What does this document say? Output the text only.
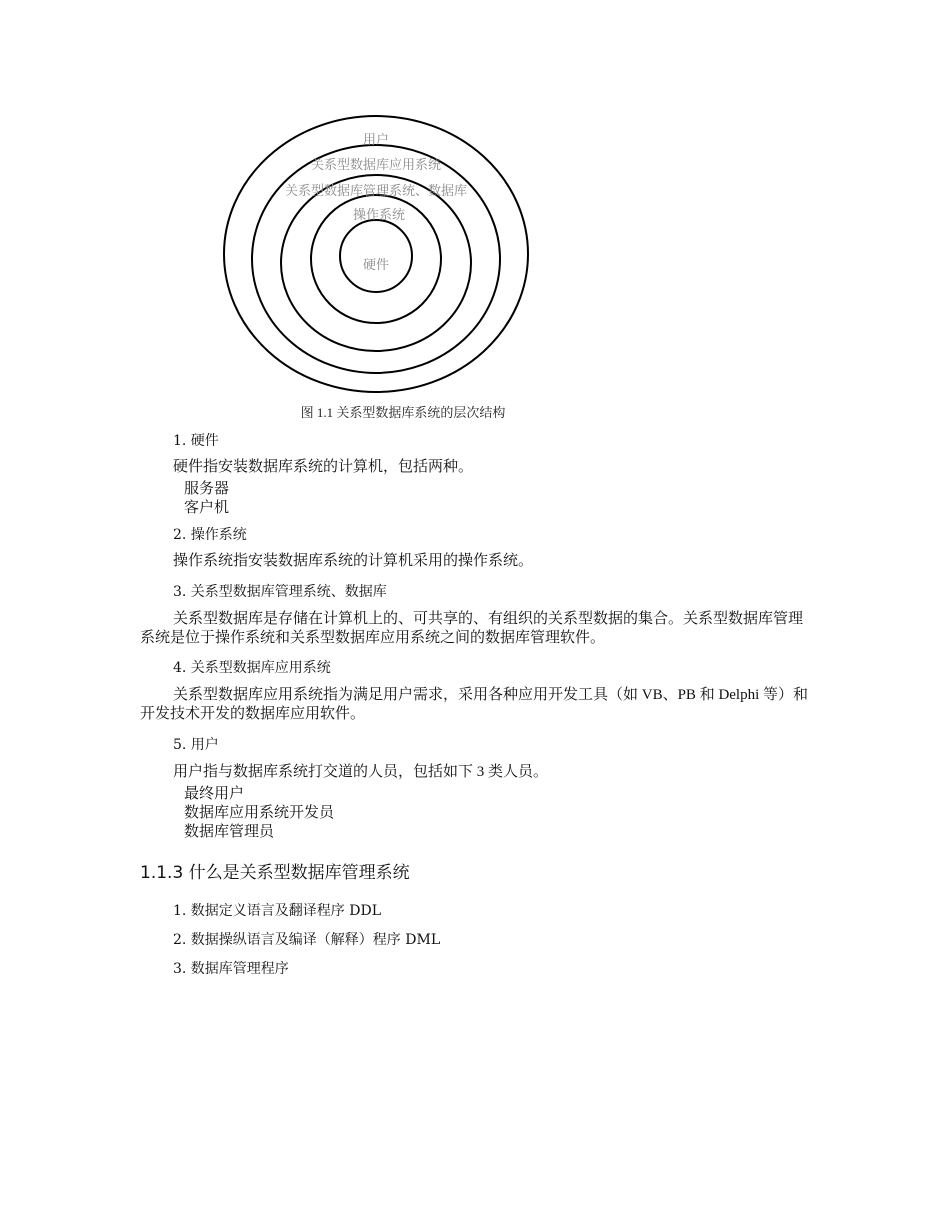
用户
关系型数据库应用系统
关系型数据库管理系统、数据库
操作系统
硬件
图 1.1 关系型数据库系统的层次结构
1. 硬件
硬件指安装数据库系统的计算机，包括两种。
服务器
客户机
2. 操作系统
操作系统指安装数据库系统的计算机采用的操作系统。
3. 关系型数据库管理系统、数据库
关系型数据库是存储在计算机上的、可共享的、有组织的关系型数据的集合。关系型数据库管理系统是位于操作系统和关系型数据库应用系统之间的数据库管理软件。
4. 关系型数据库应用系统
关系型数据库应用系统指为满足用户需求，采用各种应用开发工具（如 VB、PB 和 Delphi 等）和开发技术开发的数据库应用软件。
5. 用户
用户指与数据库系统打交道的人员，包括如下 3 类人员。
最终用户
数据库应用系统开发员
数据库管理员
1.1.3 什么是关系型数据库管理系统
1. 数据定义语言及翻译程序 DDL
2. 数据操纵语言及编译（解释）程序 DML
3. 数据库管理程序
